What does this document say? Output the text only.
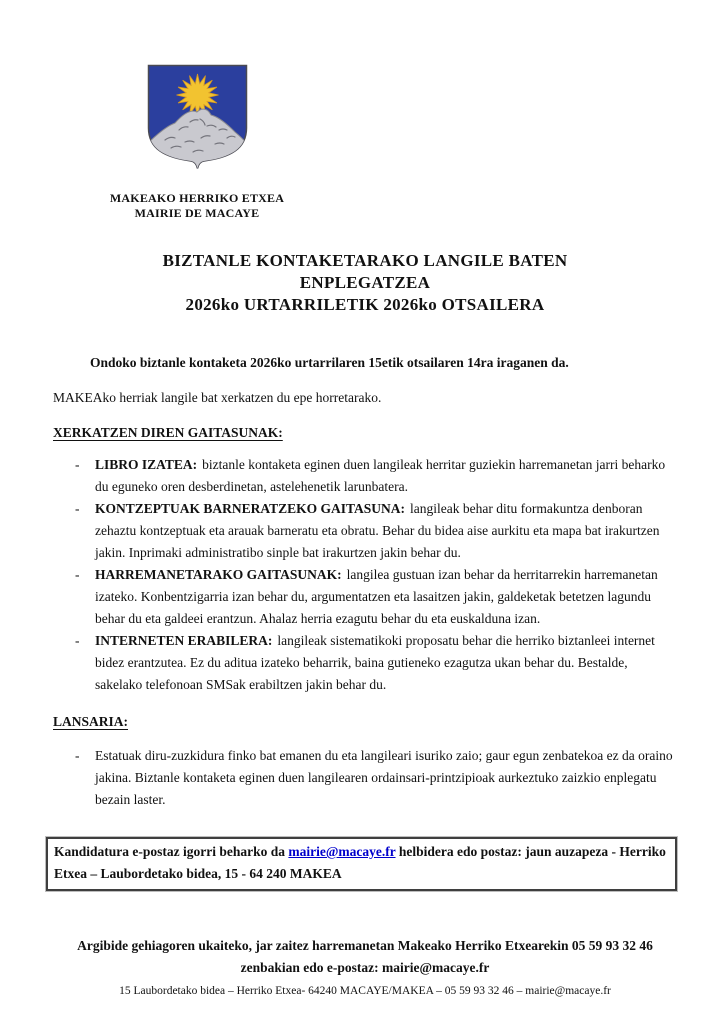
MAKEAKO HERRIKO ETXEA
MAIRIE DE MACAYE
BIZTANLE KONTAKETARAKO LANGILE BATEN
ENPLEGATZEA
2026ko URTARRILETIK 2026ko OTSAILERA
Ondoko biztanle kontaketa 2026ko urtarrilaren 15etik otsailaren 14ra iraganen da.
MAKEAko herriak langile bat xerkatzen du epe horretarako.
XERKATZEN DIREN GAITASUNAK:
-	LIBRO IZATEA: biztanle kontaketa eginen duen langileak herritar guziekin harremanetan jarri beharko du eguneko oren desberdinetan, astelehenetik larunbatera.
-	KONTZEPTUAK BARNERATZEKO GAITASUNA: langileak behar ditu formakuntza denboran zehaztu kontzeptuak eta arauak barneratu eta obratu. Behar du bidea aise aurkitu eta mapa bat irakurtzen jakin. Inprimaki administratibo sinple bat irakurtzen jakin behar du.
-	HARREMANETARAKO GAITASUNAK: langilea gustuan izan behar da herritarrekin harremanetan izateko. Konbentzigarria izan behar du, argumentatzen eta lasaitzen jakin, galdeketak betetzen lagundu behar du eta galdeei erantzun. Ahalaz herria ezagutu behar du eta euskalduna izan.
-	INTERNETEN ERABILERA: langileak sistematikoki proposatu behar die herriko biztanleei internet bidez erantzutea. Ez du aditua izateko beharrik, baina gutieneko ezagutza ukan behar du. Bestalde, sakelako telefonoan SMSak erabiltzen jakin behar du.
LANSARIA:
-	Estatuak diru-zuzkidura finko bat emanen du eta langileari isuriko zaio; gaur egun zenbatekoa ez da oraino jakina. Biztanle kontaketa eginen duen langilearen ordainsari-printzipioak aurkeztuko zaizkio enplegatu bezain laster.
Kandidatura e-postaz igorri beharko da mairie@macaye.fr helbidera edo postaz: jaun auzapeza - Herriko Etxea – Laubordetako bidea, 15 - 64 240 MAKEA
Argibide gehiagoren ukaiteko, jar zaitez harremanetan Makeako Herriko Etxearekin 05 59 93 32 46 zenbakian edo e-postaz: mairie@macaye.fr
15 Laubordetako bidea – Herriko Etxea- 64240 MACAYE/MAKEA – 05 59 93 32 46 – mairie@macaye.fr
